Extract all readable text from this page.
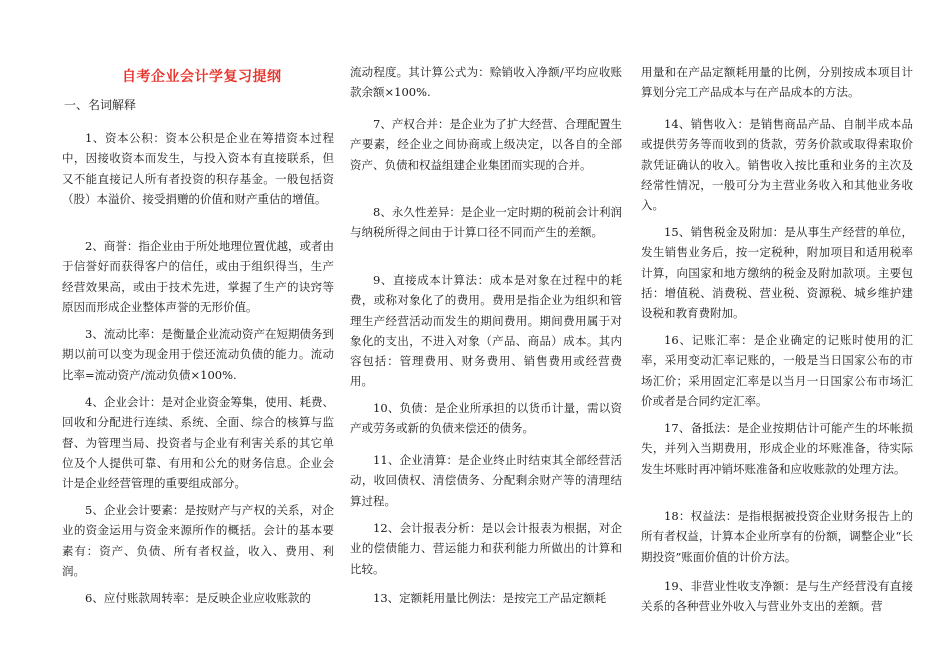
自考企业会计学复习提纲
一、名词解释
1、资本公积：资本公积是企业在筹措资本过程中，因接收资本而发生，与投入资本有直接联系，但又不能直接记人所有者投资的积存基金。一般包括资（股）本溢价、接受捐赠的价值和财产重估的增值。
2、商誉：指企业由于所处地理位置优越，或者由于信誉好而获得客户的信任，或由于组织得当，生产经营效果高，或由于技术先进，掌握了生产的诀窍等原因而形成企业整体声誉的无形价值。
3、流动比率：是衡量企业流动资产在短期债务到期以前可以变为现金用于偿还流动负债的能力。流动比率=流动资产/流动负债×100%.
4、企业会计：是对企业资金筹集，使用、耗费、回收和分配进行连续、系统、全面、综合的核算与监督、为管理当局、投资者与企业有利害关系的其它单位及个人提供可靠、有用和公允的财务信息。企业会计是企业经营管理的重要组成部分。
5、企业会计要素：是按财产与产权的关系，对企业的资金运用与资金来源所作的概括。会计的基本要素有：资产、负债、所有者权益，收入、费用、利润。
6、应付账款周转率：是反映企业应收账款的
流动程度。其计算公式为：赊销收入净额/平均应收账款余额×100%.
7、产权合并：是企业为了扩大经营、合理配置生产要素，经企业之间协商或上级决定，以各自的全部资产、负债和权益组建企业集团而实现的合并。
8、永久性差异：是企业一定时期的税前会计利润与纳税所得之间由于计算口径不同而产生的差额。
9、直接成本计算法：成本是对象在过程中的耗费，或称对象化了的费用。费用是指企业为组织和管理生产经营活动而发生的期间费用。期间费用属于对象化的支出，不进入对象（产品、商品）成本。其内容包括：管理费用、财务费用、销售费用或经营费用。
10、负债：是企业所承担的以货币计量，需以资产或劳务或新的负债来偿还的债务。
11、企业清算：是企业终止时结束其全部经营活动，收回债权、清偿债务、分配剩余财产等的清理结算过程。
12、会计报表分析：是以会计报表为根据，对企业的偿债能力、营运能力和获利能力所做出的计算和比较。
13、定额耗用量比例法：是按完工产品定额耗
用量和在产品定额耗用量的比例，分别按成本项目计算划分完工产品成本与在产品成本的方法。
14、销售收入：是销售商品产品、自制半成本品或提供劳务等而收到的货款，劳务价款或取得索取价款凭证确认的收入。销售收入按比重和业务的主次及经常性情况，一般可分为主营业务收入和其他业务收入。
15、销售税金及附加：是从事生产经营的单位，发生销售业务后，按一定税种，附加项目和适用税率计算，向国家和地方缴纳的税金及附加款项。主要包括：增值税、消费税、营业税、资源税、城乡维护建设税和教育费附加。
16、记账汇率：是企业确定的记账时使用的汇率，采用变动汇率记账的，一般是当日国家公布的市场汇价；采用固定汇率是以当月一日国家公布市场汇价或者是合同约定汇率。
17、备抵法：是企业按期估计可能产生的坏帐损失，并列入当期费用，形成企业的坏账准备，待实际发生坏账时再冲销坏账准备和应收账款的处理方法。
18：权益法：是指根据被投资企业财务报告上的所有者权益，计算本企业所享有的份额，调整企业“长期投资”账面价值的计价方法。
19、非营业性收支净额：是与生产经营没有直接关系的各种营业外收入与营业外支出的差额。营
